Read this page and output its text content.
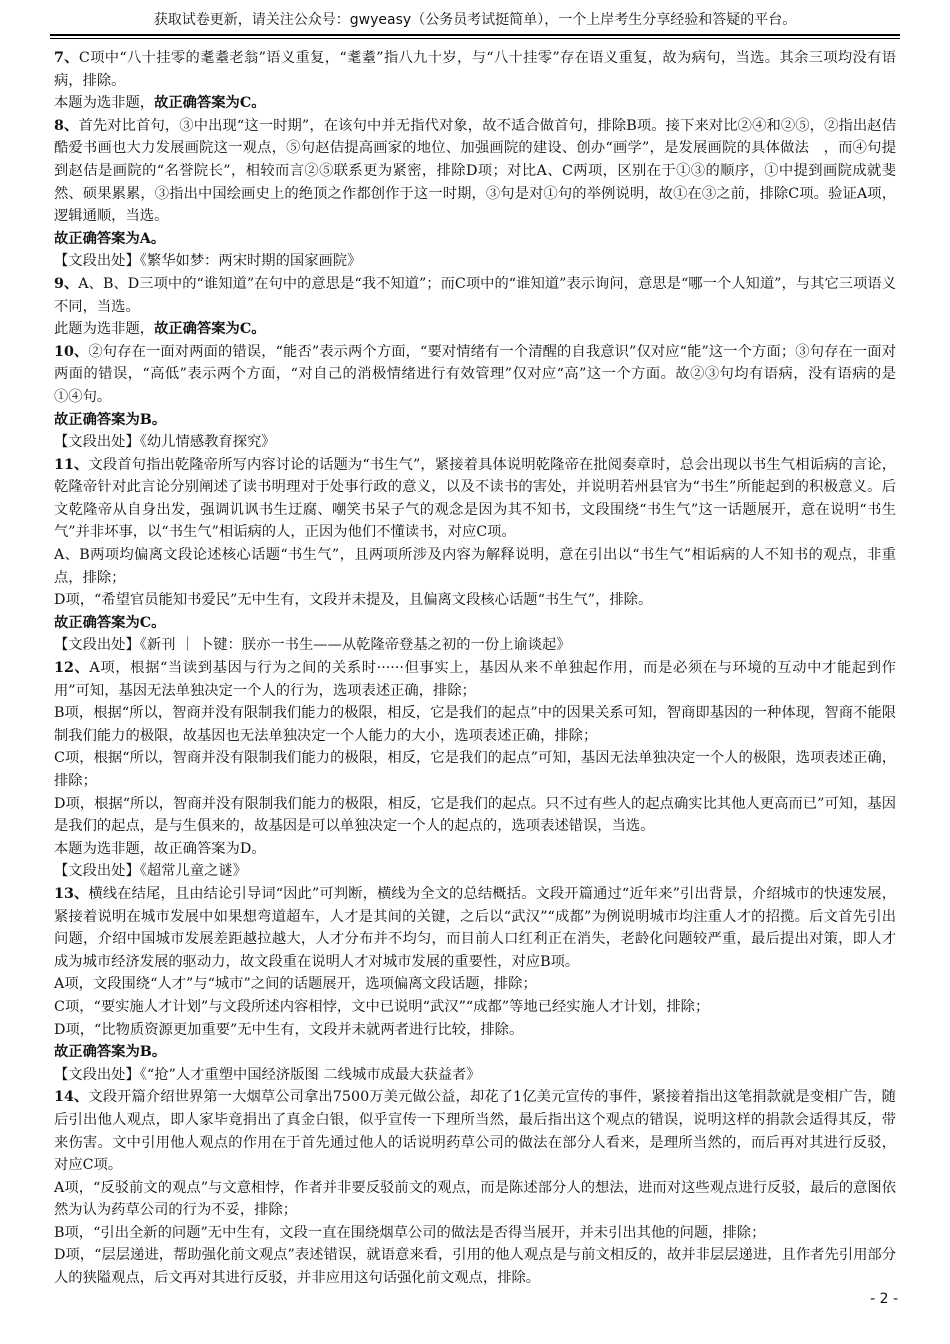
获取试卷更新，请关注公众号：gwyeasy（公务员考试挺简单），一个上岸考生分享经验和答疑的平台。

7、C项中“八十挂零的耄耋老翁”语义重复，“耄耋”指八九十岁，与“八十挂零”存在语义重复，故为病句，当选。其余三项均没有语病，排除。

本题为选非题，故正确答案为C。

8、首先对比首句，③中出现“这一时期”，在该句中并无指代对象，故不适合做首句，排除B项。接下来对比②④和②⑤，②指出赵佶酷爱书画也大力发展画院这一观点，⑤句赵佶提高画家的地位、加强画院的建设、创办“画学”，是发展画院的具体做法　，而④句提到赵佶是画院的“名誉院长”，相较而言②⑤联系更为紧密，排除D项；对比A、C两项，区别在于①③的顺序，①中提到画院成就斐然、硕果累累，③指出中国绘画史上的绝顶之作都创作于这一时期，③句是对①句的举例说明，故①在③之前，排除C项。验证A项，逻辑通顺，当选。

故正确答案为A。

【文段出处】《繁华如梦：两宋时期的国家画院》

9、A、B、D三项中的“谁知道”在句中的意思是“我不知道”；而C项中的“谁知道”表示询问，意思是“哪一个人知道”，与其它三项语义不同，当选。

此题为选非题，故正确答案为C。

10、②句存在一面对两面的错误，“能否”表示两个方面，“要对情绪有一个清醒的自我意识”仅对应“能”这一个方面；③句存在一面对两面的错误，“高低”表示两个方面，“对自己的消极情绪进行有效管理”仅对应“高”这一个方面。故②③句均有语病，没有语病的是①④句。

故正确答案为B。

【文段出处】《幼儿情感教育探究》

11、文段首句指出乾隆帝所写内容讨论的话题为“书生气”，紧接着具体说明乾隆帝在批阅奏章时，总会出现以书生气相诟病的言论，乾隆帝针对此言论分别阐述了读书明理对于处事行政的意义，以及不读书的害处，并说明若州县官为“书生”所能起到的积极意义。后文乾隆帝从自身出发，强调讥讽书生迂腐、嘲笑书呆子气的观念是因为其不知书，文段围绕“书生气”这一话题展开，意在说明“书生气”并非坏事，以“书生气”相诟病的人，正因为他们不懂读书，对应C项。

A、B两项均偏离文段论述核心话题“书生气”，且两项所涉及内容为解释说明，意在引出以“书生气”相诟病的人不知书的观点，非重点，排除；

D项，“希望官员能知书爱民”无中生有，文段并未提及，且偏离文段核心话题“书生气”，排除。

故正确答案为C。

【文段出处】《新刊 ｜ 卜键：朕亦一书生——从乾隆帝登基之初的一份上谕谈起》

12、A项，根据“当读到基因与行为之间的关系时······但事实上，基因从来不单独起作用，而是必须在与环境的互动中才能起到作用”可知，基因无法单独决定一个人的行为，选项表述正确，排除；

B项，根据“所以，智商并没有限制我们能力的极限，相反，它是我们的起点”中的因果关系可知，智商即基因的一种体现，智商不能限制我们能力的极限，故基因也无法单独决定一个人能力的大小，选项表述正确，排除；

C项，根据“所以，智商并没有限制我们能力的极限，相反，它是我们的起点”可知，基因无法单独决定一个人的极限，选项表述正确，排除；

D项，根据“所以，智商并没有限制我们能力的极限，相反，它是我们的起点。只不过有些人的起点确实比其他人更高而已”可知，基因是我们的起点，是与生俱来的，故基因是可以单独决定一个人的起点的，选项表述错误，当选。

本题为选非题，故正确答案为D。

【文段出处】《超常儿童之谜》

13、横线在结尾，且由结论引导词“因此”可判断，横线为全文的总结概括。文段开篇通过“近年来”引出背景，介绍城市的快速发展，紧接着说明在城市发展中如果想弯道超车，人才是其间的关键，之后以“武汉”“成都”为例说明城市均注重人才的招揽。后文首先引出问题，介绍中国城市发展差距越拉越大，人才分布并不均匀，而目前人口红利正在消失，老龄化问题较严重，最后提出对策，即人才成为城市经济发展的驱动力，故文段重在说明人才对城市发展的重要性，对应B项。

A项，文段围绕“人才”与“城市”之间的话题展开，选项偏离文段话题，排除；

C项，“要实施人才计划”与文段所述内容相悖，文中已说明“武汉”“成都”等地已经实施人才计划，排除；

D项，“比物质资源更加重要”无中生有，文段并未就两者进行比较，排除。

故正确答案为B。

【文段出处】《“抢”人才重塑中国经济版图 二线城市成最大获益者》

14、文段开篇介绍世界第一大烟草公司拿出7500万美元做公益，却花了1亿美元宣传的事件，紧接着指出这笔捐款就是变相广告，随后引出他人观点，即人家毕竟捐出了真金白银，似乎宣传一下理所当然，最后指出这个观点的错误，说明这样的捐款会适得其反，带来伤害。文中引用他人观点的作用在于首先通过他人的话说明药草公司的做法在部分人看来，是理所当然的，而后再对其进行反驳，对应C项。

A项，“反驳前文的观点”与文意相悖，作者并非要反驳前文的观点，而是陈述部分人的想法，进而对这些观点进行反驳，最后的意图依然为认为药草公司的行为不妥，排除；

B项，“引出全新的问题”无中生有，文段一直在围绕烟草公司的做法是否得当展开，并未引出其他的问题，排除；

D项，“层层递进，帮助强化前文观点”表述错误，就语意来看，引用的他人观点是与前文相反的，故并非层层递进，且作者先引用部分人的狭隘观点，后文再对其进行反驳，并非应用这句话强化前文观点，排除。

- 2 -
